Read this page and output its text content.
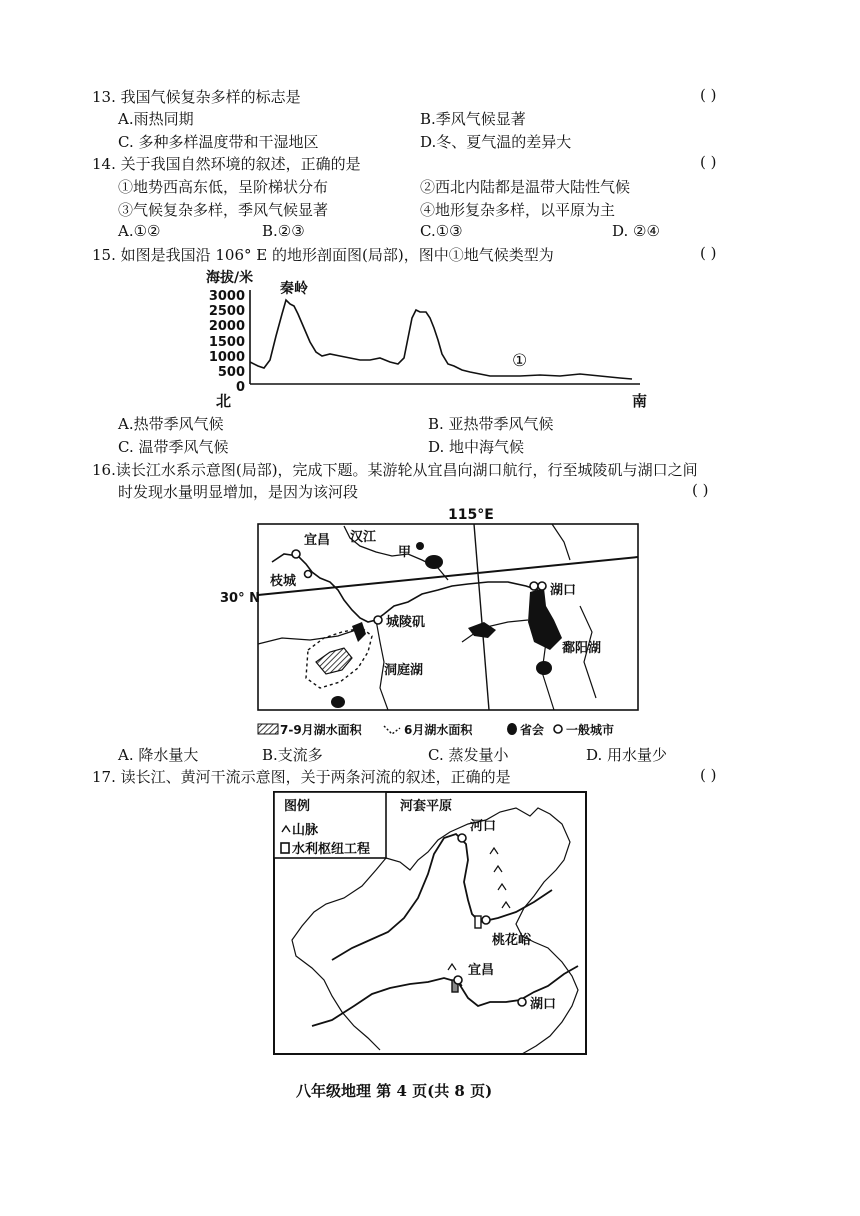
13. 我国气候复杂多样的标志是	( )
A.雨热同期	B.季风气候显著
C. 多种多样温度带和干湿地区	D.冬、夏气温的差异大
14. 关于我国自然环境的叙述，正确的是	( )
①地势西高东低，呈阶梯状分布	②西北内陆都是温带大陆性气候
③气候复杂多样，季风气候显著	④地形复杂多样，以平原为主
A.①②	B.②③	C.①③	D. ②④
15. 如图是我国沿 106° E 的地形剖面图(局部)，图中①地气候类型为	( )
海拔/米
秦岭
3000
2500
2000
1500
1000
500
0
①
北	南
A.热带季风气候	B. 亚热带季风气候
C. 温带季风气候	D. 地中海气候
16.读长江水系示意图(局部)，完成下题。某游轮从宜昌向湖口航行，行至城陵矶与湖口之间
时发现水量明显增加，是因为该河段	( )
115°E
30° N
宜昌 汉江
甲
枝城
城陵矶
洞庭湖
湖口
鄱阳湖
7-9月湖水面积	6月湖水面积	省会 一般城市
A. 降水量大	B.支流多	C. 蒸发量小	D. 用水量少
17. 读长江、黄河干流示意图，关于两条河流的叙述，正确的是	( )
图例
山脉
水利枢纽工程
河套平原
河口
桃花峪
宜昌
湖口
八年级地理 第 4 页(共 8 页)
